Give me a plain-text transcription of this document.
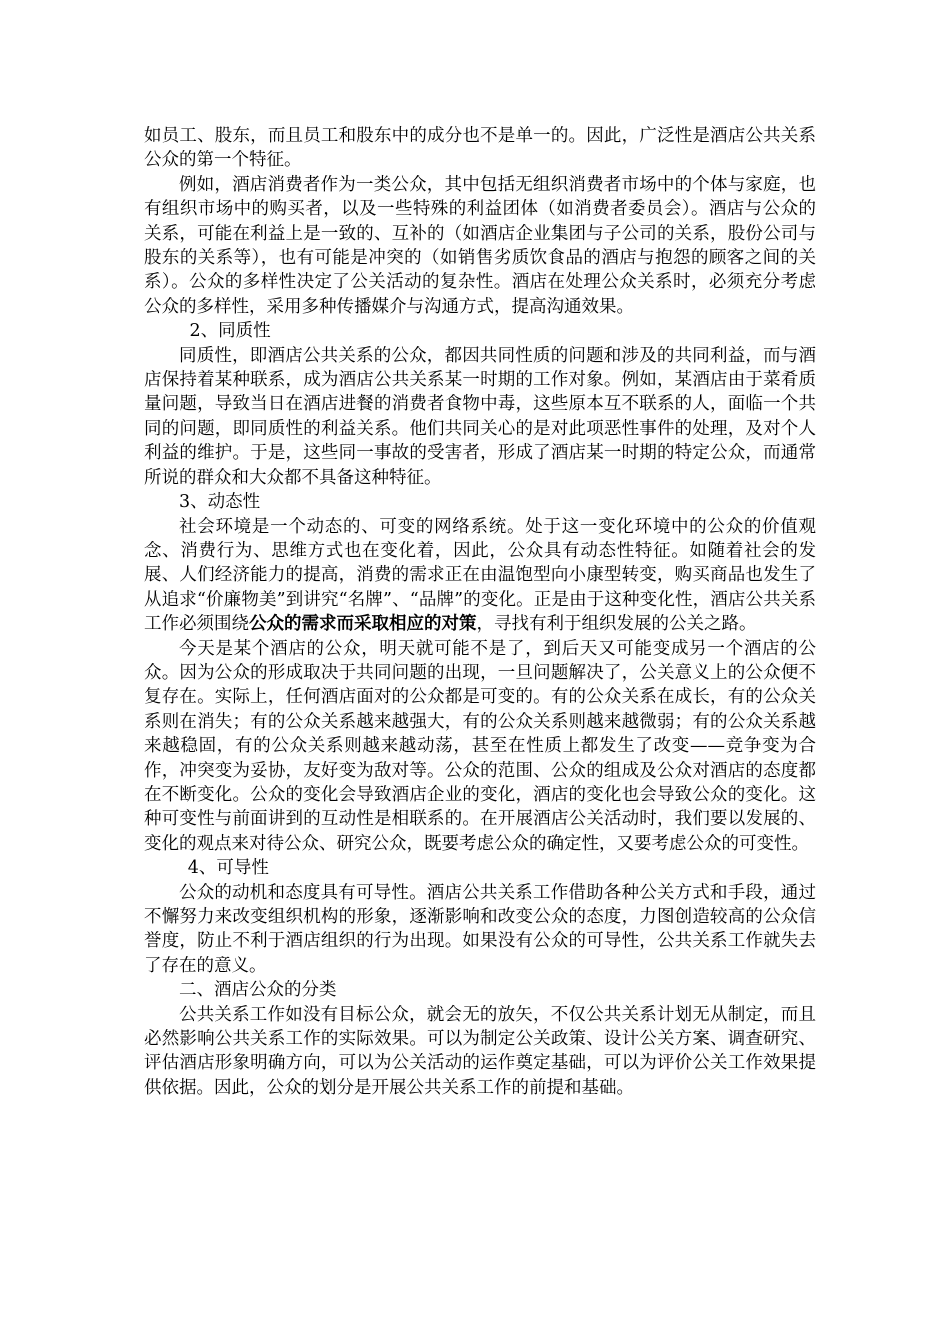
如员工、股东，而且员工和股东中的成分也不是单一的。因此，广泛性是酒店公共关系公众的第一个特征。

例如，酒店消费者作为一类公众，其中包括无组织消费者市场中的个体与家庭，也有组织市场中的购买者，以及一些特殊的利益团体（如消费者委员会）。酒店与公众的关系，可能在利益上是一致的、互补的（如酒店企业集团与子公司的关系，股份公司与股东的关系等），也有可能是冲突的（如销售劣质饮食品的酒店与抱怨的顾客之间的关系）。公众的多样性决定了公关活动的复杂性。酒店在处理公众关系时，必须充分考虑公众的多样性，采用多种传播媒介与沟通方式，提高沟通效果。

2、同质性

同质性，即酒店公共关系的公众，都因共同性质的问题和涉及的共同利益，而与酒店保持着某种联系，成为酒店公共关系某一时期的工作对象。例如，某酒店由于菜肴质量问题，导致当日在酒店进餐的消费者食物中毒，这些原本互不联系的人，面临一个共同的问题，即同质性的利益关系。他们共同关心的是对此项恶性事件的处理，及对个人利益的维护。于是，这些同一事故的受害者，形成了酒店某一时期的特定公众，而通常所说的群众和大众都不具备这种特征。

3、动态性

社会环境是一个动态的、可变的网络系统。处于这一变化环境中的公众的价值观念、消费行为、思维方式也在变化着，因此，公众具有动态性特征。如随着社会的发展、人们经济能力的提高，消费的需求正在由温饱型向小康型转变，购买商品也发生了从追求“价廉物美”到讲究“名牌”、“品牌”的变化。正是由于这种变化性，酒店公共关系工作必须围绕公众的需求而采取相应的对策，寻找有利于组织发展的公关之路。

今天是某个酒店的公众，明天就可能不是了，到后天又可能变成另一个酒店的公众。因为公众的形成取决于共同问题的出现，一旦问题解决了，公关意义上的公众便不复存在。实际上，任何酒店面对的公众都是可变的。有的公众关系在成长，有的公众关系则在消失；有的公众关系越来越强大，有的公众关系则越来越微弱；有的公众关系越来越稳固，有的公众关系则越来越动荡，甚至在性质上都发生了改变——竞争变为合作，冲突变为妥协，友好变为敌对等。公众的范围、公众的组成及公众对酒店的态度都在不断变化。公众的变化会导致酒店企业的变化，酒店的变化也会导致公众的变化。这种可变性与前面讲到的互动性是相联系的。在开展酒店公关活动时，我们要以发展的、变化的观点来对待公众、研究公众，既要考虑公众的确定性，又要考虑公众的可变性。

4、可导性

公众的动机和态度具有可导性。酒店公共关系工作借助各种公关方式和手段，通过不懈努力来改变组织机构的形象，逐渐影响和改变公众的态度，力图创造较高的公众信誉度，防止不利于酒店组织的行为出现。如果没有公众的可导性，公共关系工作就失去了存在的意义。

二、酒店公众的分类

公共关系工作如没有目标公众，就会无的放矢，不仅公共关系计划无从制定，而且必然影响公共关系工作的实际效果。可以为制定公关政策、设计公关方案、调查研究、评估酒店形象明确方向，可以为公关活动的运作奠定基础，可以为评价公关工作效果提供依据。因此，公众的划分是开展公共关系工作的前提和基础。
